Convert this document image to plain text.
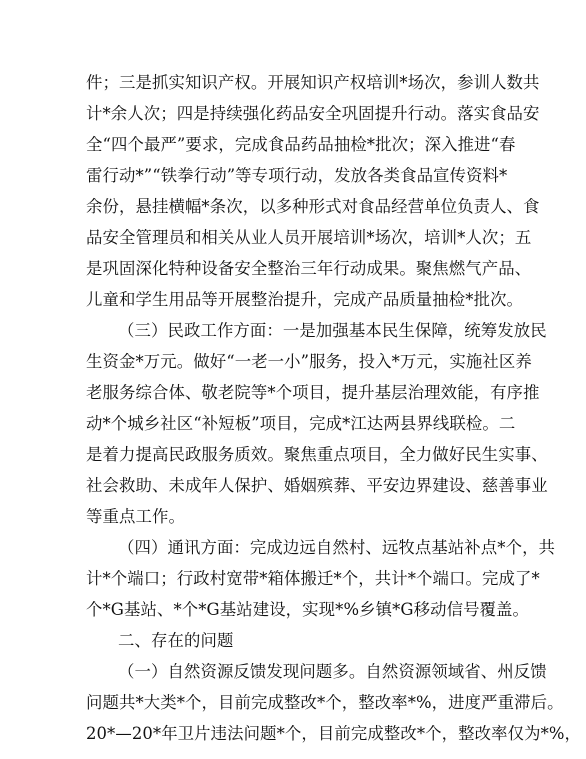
件；三是抓实知识产权。开展知识产权培训*场次，参训人数共
计*余人次；四是持续强化药品安全巩固提升行动。落实食品安
全“四个最严”要求，完成食品药品抽检*批次；深入推进“春
雷行动*”“铁拳行动”等专项行动，发放各类食品宣传资料*
余份，悬挂横幅*条次，以多种形式对食品经营单位负责人、食
品安全管理员和相关从业人员开展培训*场次，培训*人次；五
是巩固深化特种设备安全整治三年行动成果。聚焦燃气产品、
儿童和学生用品等开展整治提升，完成产品质量抽检*批次。
（三）民政工作方面：一是加强基本民生保障，统筹发放民
生资金*万元。做好“一老一小”服务，投入*万元，实施社区养
老服务综合体、敬老院等*个项目，提升基层治理效能，有序推
动*个城乡社区“补短板”项目，完成*江达两县界线联检。二
是着力提高民政服务质效。聚焦重点项目，全力做好民生实事、
社会救助、未成年人保护、婚姻殡葬、平安边界建设、慈善事业
等重点工作。
（四）通讯方面：完成边远自然村、远牧点基站补点*个，共
计*个端口；行政村宽带*箱体搬迁*个，共计*个端口。完成了*
个*G基站、*个*G基站建设，实现*%乡镇*G移动信号覆盖。
二、存在的问题
（一）自然资源反馈发现问题多。自然资源领域省、州反馈
问题共*大类*个，目前完成整改*个，整改率*%，进度严重滞后。
20*—20*年卫片违法问题*个，目前完成整改*个，整改率仅为*%，
